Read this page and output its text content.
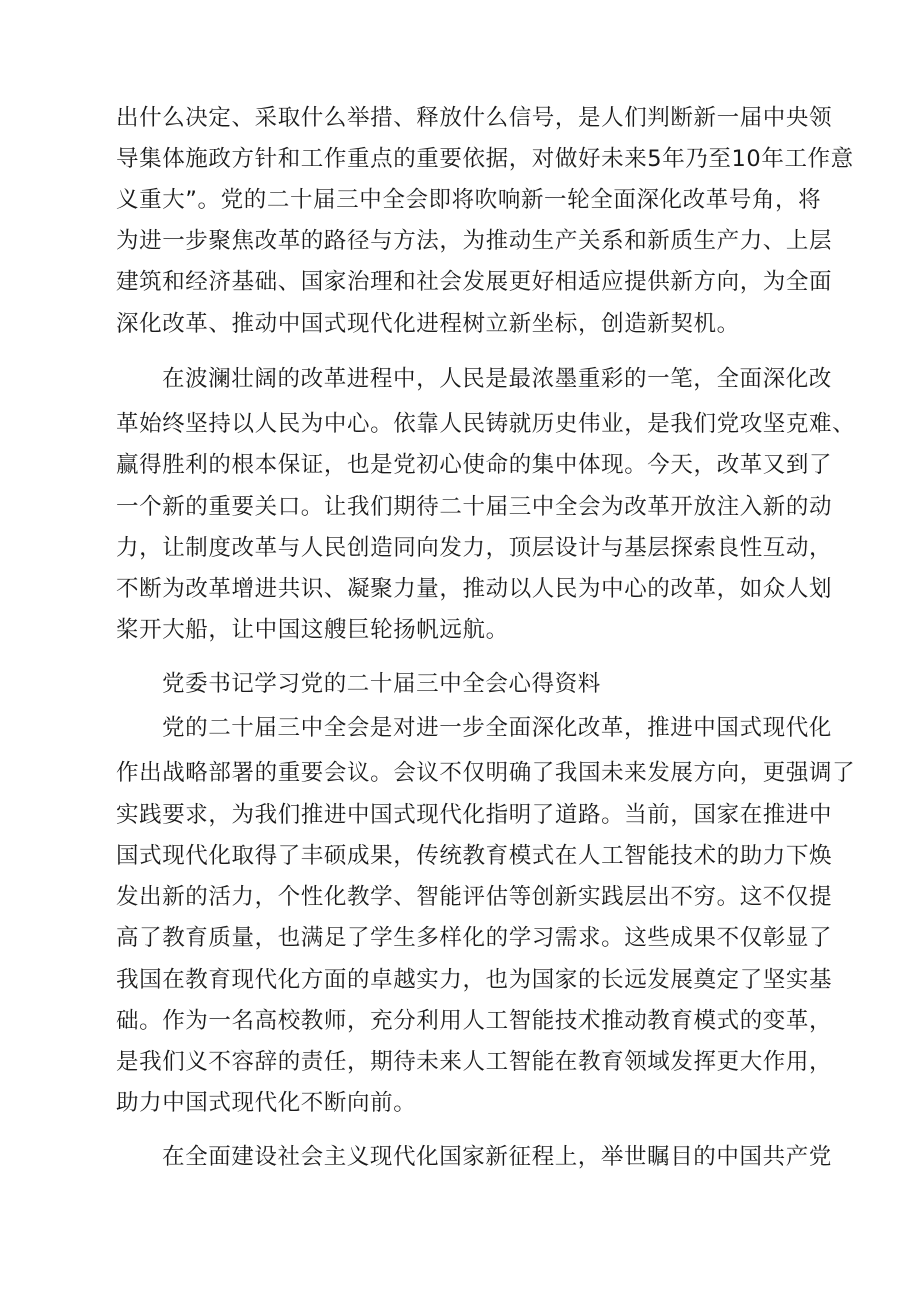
出什么决定、采取什么举措、释放什么信号，是人们判断新一届中央领
导集体施政方针和工作重点的重要依据，对做好未来5年乃至10年工作意
义重大”。党的二十届三中全会即将吹响新一轮全面深化改革号角，将
为进一步聚焦改革的路径与方法，为推动生产关系和新质生产力、上层
建筑和经济基础、国家治理和社会发展更好相适应提供新方向，为全面
深化改革、推动中国式现代化进程树立新坐标，创造新契机。
在波澜壮阔的改革进程中，人民是最浓墨重彩的一笔，全面深化改
革始终坚持以人民为中心。依靠人民铸就历史伟业，是我们党攻坚克难、
赢得胜利的根本保证，也是党初心使命的集中体现。今天，改革又到了
一个新的重要关口。让我们期待二十届三中全会为改革开放注入新的动
力，让制度改革与人民创造同向发力，顶层设计与基层探索良性互动，
不断为改革增进共识、凝聚力量，推动以人民为中心的改革，如众人划
桨开大船，让中国这艘巨轮扬帆远航。
党委书记学习党的二十届三中全会心得资料
党的二十届三中全会是对进一步全面深化改革，推进中国式现代化
作出战略部署的重要会议。会议不仅明确了我国未来发展方向，更强调了
实践要求，为我们推进中国式现代化指明了道路。当前，国家在推进中
国式现代化取得了丰硕成果，传统教育模式在人工智能技术的助力下焕
发出新的活力，个性化教学、智能评估等创新实践层出不穷。这不仅提
高了教育质量，也满足了学生多样化的学习需求。这些成果不仅彰显了
我国在教育现代化方面的卓越实力，也为国家的长远发展奠定了坚实基
础。作为一名高校教师，充分利用人工智能技术推动教育模式的变革，
是我们义不容辞的责任，期待未来人工智能在教育领域发挥更大作用，
助力中国式现代化不断向前。
在全面建设社会主义现代化国家新征程上，举世瞩目的中国共产党
